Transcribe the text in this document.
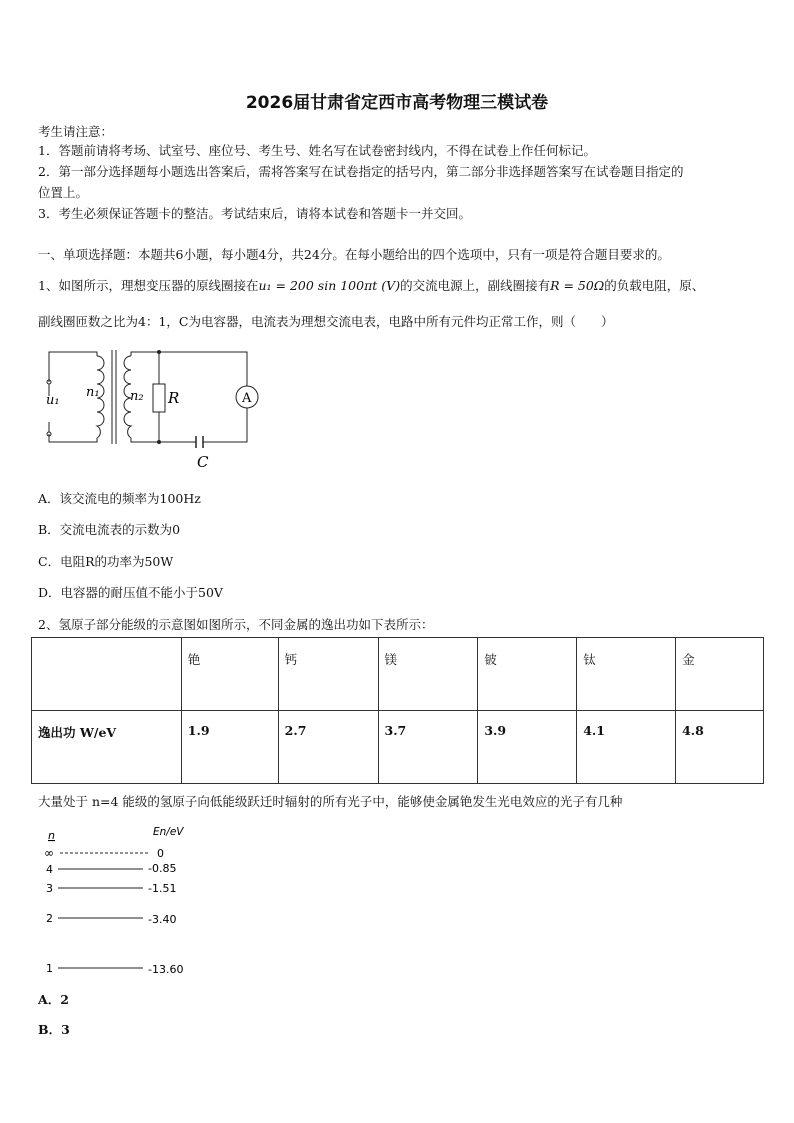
2026届甘肃省定西市高考物理三模试卷
考生请注意：
1．答题前请将考场、试室号、座位号、考生号、姓名写在试卷密封线内，不得在试卷上作任何标记。
2．第一部分选择题每小题选出答案后，需将答案写在试卷指定的括号内，第二部分非选择题答案写在试卷题目指定的
位置上。
3．考生必须保证答题卡的整洁。考试结束后，请将本试卷和答题卡一并交回。
一、单项选择题：本题共6小题，每小题4分，共24分。在每小题给出的四个选项中，只有一项是符合题目要求的。
1、如图所示，理想变压器的原线圈接在u₁ = 200 sin 100πt (V)的交流电源上，副线圈接有R = 50Ω的负载电阻，原、
副线圈匝数之比为4：1，C为电容器，电流表为理想交流电表，电路中所有元件均正常工作，则（　　）
u₁
n₁ n₂ R	A
C
A．该交流电的频率为100Hz
B．交流电流表的示数为0
C．电阻R的功率为50W
D．电容器的耐压值不能小于50V
2、氢原子部分能级的示意图如图所示，不同金属的逸出功如下表所示：
	铯	钙	镁	铍	钛	金
逸出功 W/eV	1.9	2.7	3.7	3.9	4.1	4.8
大量处于 n=4 能级的氢原子向低能级跃迁时辐射的所有光子中，能够使金属铯发生光电效应的光子有几种
n	En/eV
∞	0
4	-0.85
3	-1.51
2	-3.40
1	-13.60
A．2
B．3
